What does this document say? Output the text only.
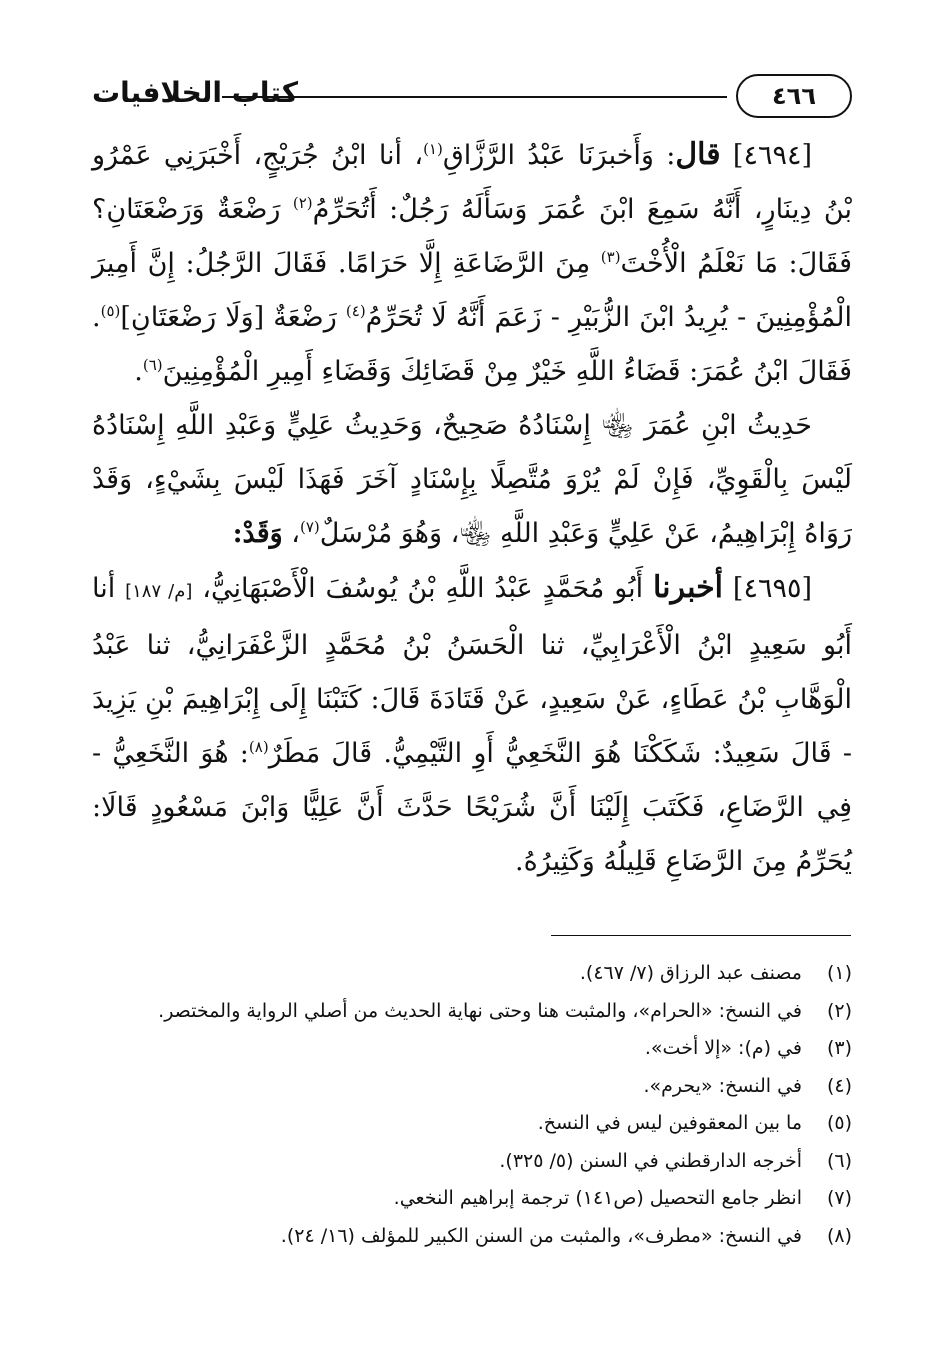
٤٦٦
كتاب الخلافيات

[٤٦٩٤] قال: وَأَخبرَنَا عَبْدُ الرَّزَّاقِ$^{(١)}$، أنا ابْنُ جُرَيْجٍ، أَخْبَرَنِي عَمْرُو بْنُ دِينَارٍ، أَنَّهُ سَمِعَ ابْنَ عُمَرَ وَسَأَلَهُ رَجُلٌ: أَتُحَرِّمُ$^{(٢)}$ رَضْعَةٌ وَرَضْعَتَانِ؟ فَقَالَ: مَا نَعْلَمُ الْأُخْتَ$^{(٣)}$ مِنَ الرَّضَاعَةِ إِلَّا حَرَامًا. فَقَالَ الرَّجُلُ: إِنَّ أَمِيرَ الْمُؤْمِنِينَ - يُرِيدُ ابْنَ الزُّبَيْرِ - زَعَمَ أَنَّهُ لَا تُحَرِّمُ$^{(٤)}$ رَضْعَةٌ [وَلَا رَضْعَتَانِ]$^{(٥)}$. فَقَالَ ابْنُ عُمَرَ: قَضَاءُ اللَّهِ خَيْرٌ مِنْ قَضَائِكَ وَقَضَاءِ أَمِيرِ الْمُؤْمِنِينَ$^{(٦)}$.

حَدِيثُ ابْنِ عُمَرَ ﵄ إِسْنَادُهُ صَحِيحٌ، وَحَدِيثُ عَلِيٍّ وَعَبْدِ اللَّهِ إِسْنَادُهُ لَيْسَ بِالْقَوِيِّ، فَإِنْ لَمْ يُرْوَ مُتَّصِلًا بِإِسْنَادٍ آخَرَ فَهَذَا لَيْسَ بِشَيْءٍ، وَقَدْ رَوَاهُ إِبْرَاهِيمُ، عَنْ عَلِيٍّ وَعَبْدِ اللَّهِ ﵄، وَهُوَ مُرْسَلٌ$^{(٧)}$، وَقَدْ:

[٤٦٩٥] أخبرنا أَبُو مُحَمَّدٍ عَبْدُ اللَّهِ بْنُ يُوسُفَ الْأَصْبَهَانِيُّ، [م/ ١٨٧] أنا أَبُو سَعِيدٍ ابْنُ الْأَعْرَابِيِّ، ثنا الْحَسَنُ بْنُ مُحَمَّدٍ الزَّعْفَرَانِيُّ، ثنا عَبْدُ الْوَهَّابِ بْنُ عَطَاءٍ، عَنْ سَعِيدٍ، عَنْ قَتَادَةَ قَالَ: كَتَبْنَا إِلَى إِبْرَاهِيمَ بْنِ يَزِيدَ - قَالَ سَعِيدٌ: شَكَكْنَا هُوَ النَّخَعِيُّ أَوِ التَّيْمِيُّ. قَالَ مَطَرٌ$^{(٨)}$: هُوَ النَّخَعِيُّ - فِي الرَّضَاعِ، فَكَتَبَ إِلَيْنَا أَنَّ شُرَيْحًا حَدَّثَ أَنَّ عَلِيًّا وَابْنَ مَسْعُودٍ قَالَا: يُحَرِّمُ مِنَ الرَّضَاعِ قَلِيلُهُ وَكَثِيرُهُ.

(١)مصنف عبد الرزاق (٧/ ٤٦٧).
(٢)في النسخ: «الحرام»، والمثبت هنا وحتى نهاية الحديث من أصلي الرواية والمختصر.
(٣)في (م): «إلا أخت».
(٤)في النسخ: «يحرم».
(٥)ما بين المعقوفين ليس في النسخ.
(٦)أخرجه الدارقطني في السنن (٥/ ٣٢٥).
(٧)انظر جامع التحصيل (ص١٤١) ترجمة إبراهيم النخعي.
(٨)في النسخ: «مطرف»، والمثبت من السنن الكبير للمؤلف (١٦/ ٢٤).
